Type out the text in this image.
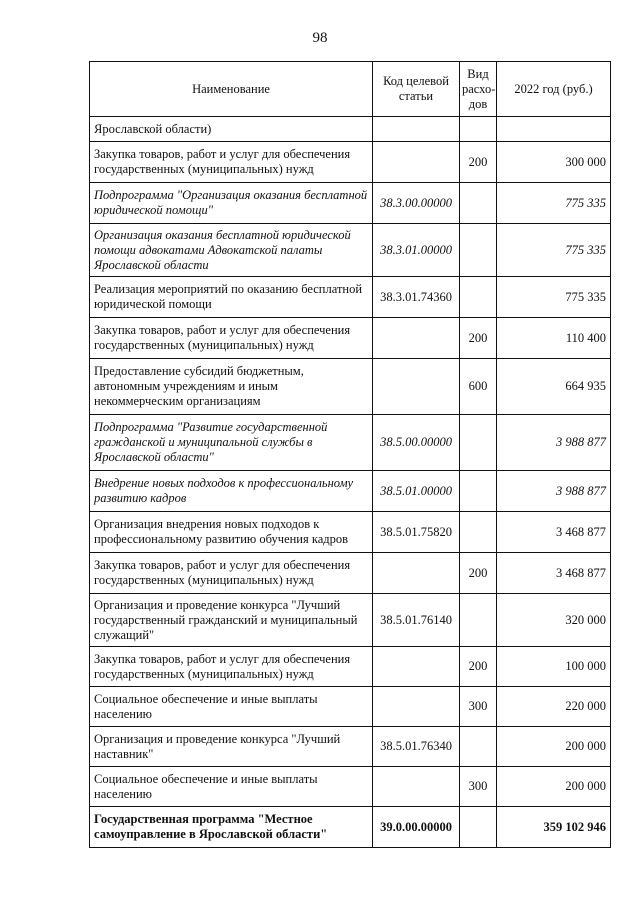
98
Наименование	Код целевой статьи	Вид расхо-дов	2022 год (руб.)
Ярославской области)			
Закупка товаров, работ и услуг для обеспечения государственных (муниципальных) нужд		200	300 000
Подпрограмма "Организация оказания бесплатной юридической помощи"	38.3.00.00000		775 335
Организация оказания бесплатной юридической помощи адвокатами Адвокатской палаты Ярославской области	38.3.01.00000		775 335
Реализация мероприятий по оказанию бесплатной юридической помощи	38.3.01.74360		775 335
Закупка товаров, работ и услуг для обеспечения государственных (муниципальных) нужд		200	110 400
Предоставление субсидий бюджетным, автономным учреждениям и иным некоммерческим организациям		600	664 935
Подпрограмма "Развитие государственной гражданской и муниципальной службы в Ярославской области"	38.5.00.00000		3 988 877
Внедрение новых подходов к профессиональному развитию кадров	38.5.01.00000		3 988 877
Организация внедрения новых подходов к профессиональному развитию обучения кадров	38.5.01.75820		3 468 877
Закупка товаров, работ и услуг для обеспечения государственных (муниципальных) нужд		200	3 468 877
Организация и проведение конкурса "Лучший государственный гражданский и муниципальный служащий"	38.5.01.76140		320 000
Закупка товаров, работ и услуг для обеспечения государственных (муниципальных) нужд		200	100 000
Социальное обеспечение и иные выплаты населению		300	220 000
Организация и проведение конкурса "Лучший наставник"	38.5.01.76340		200 000
Социальное обеспечение и иные выплаты населению		300	200 000
Государственная программа "Местное самоуправление в Ярославской области"	39.0.00.00000		359 102 946
